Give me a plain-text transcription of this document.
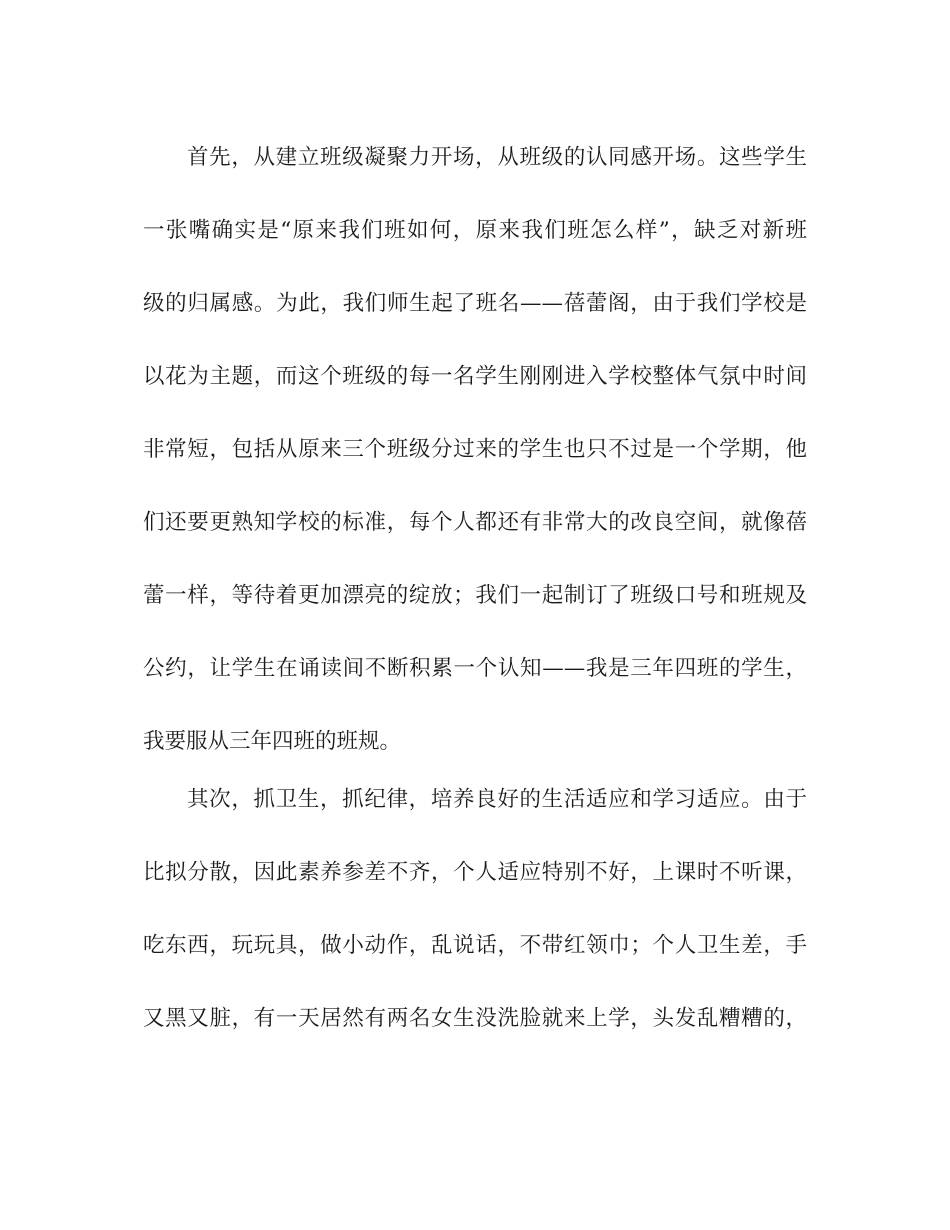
首先，从建立班级凝聚力开场，从班级的认同感开场。这些学生
一张嘴确实是“原来我们班如何，原来我们班怎么样”，缺乏对新班
级的归属感。为此，我们师生起了班名——蓓蕾阁，由于我们学校是
以花为主题，而这个班级的每一名学生刚刚进入学校整体气氛中时间
非常短，包括从原来三个班级分过来的学生也只不过是一个学期，他
们还要更熟知学校的标准，每个人都还有非常大的改良空间，就像蓓
蕾一样，等待着更加漂亮的绽放；我们一起制订了班级口号和班规及
公约，让学生在诵读间不断积累一个认知——我是三年四班的学生，
我要服从三年四班的班规。
其次，抓卫生，抓纪律，培养良好的生活适应和学习适应。由于
比拟分散，因此素养参差不齐，个人适应特别不好，上课时不听课，
吃东西，玩玩具，做小动作，乱说话，不带红领巾；个人卫生差，手
又黑又脏，有一天居然有两名女生没洗脸就来上学，头发乱糟糟的，
